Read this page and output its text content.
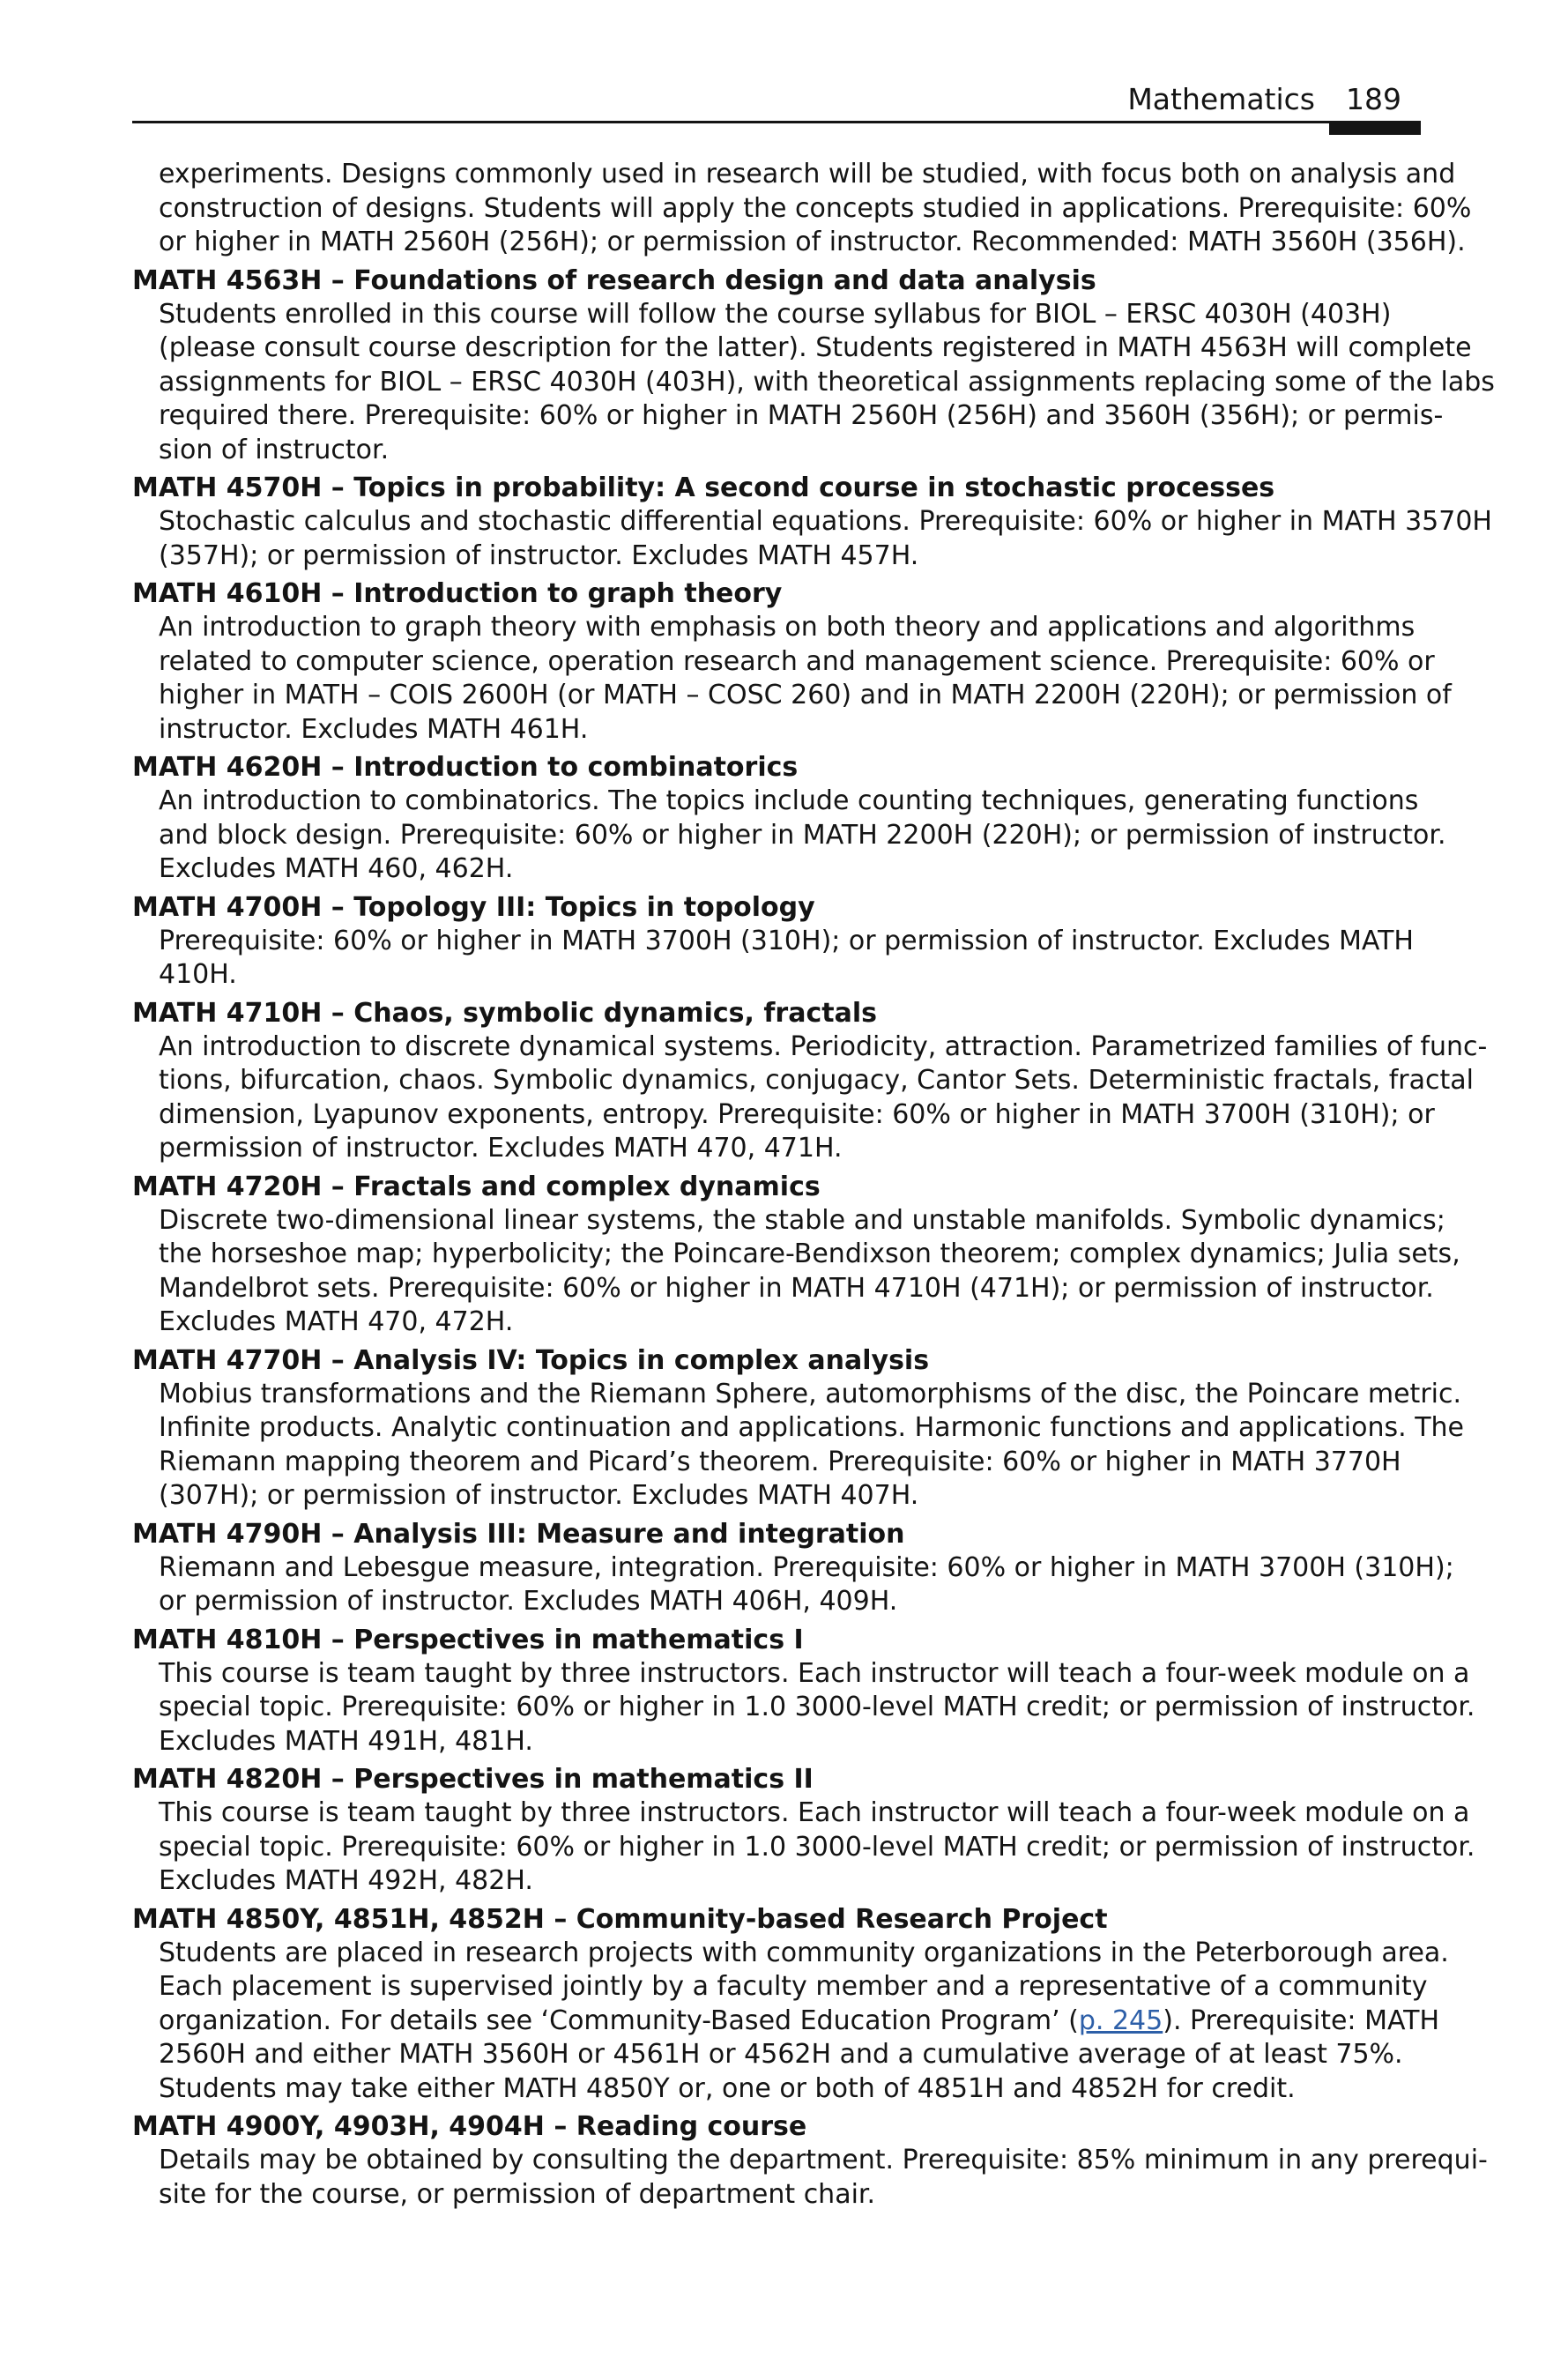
Mathematics 189
experiments. Designs commonly used in research will be studied, with focus both on analysis and
construction of designs. Students will apply the concepts studied in applications. Prerequisite: 60%
or higher in MATH 2560H (256H); or permission of instructor. Recommended: MATH 3560H (356H).
MATH 4563H – Foundations of research design and data analysis
Students enrolled in this course will follow the course syllabus for BIOL – ERSC 4030H (403H)
(please consult course description for the latter). Students registered in MATH 4563H will complete
assignments for BIOL – ERSC 4030H (403H), with theoretical assignments replacing some of the labs
required there. Prerequisite: 60% or higher in MATH 2560H (256H) and 3560H (356H); or permis-
sion of instructor.
MATH 4570H – Topics in probability: A second course in stochastic processes
Stochastic calculus and stochastic differential equations. Prerequisite: 60% or higher in MATH 3570H
(357H); or permission of instructor. Excludes MATH 457H.
MATH 4610H – Introduction to graph theory
An introduction to graph theory with emphasis on both theory and applications and algorithms
related to computer science, operation research and management science. Prerequisite: 60% or
higher in MATH – COIS 2600H (or MATH – COSC 260) and in MATH 2200H (220H); or permission of
instructor. Excludes MATH 461H.
MATH 4620H – Introduction to combinatorics
An introduction to combinatorics. The topics include counting techniques, generating functions
and block design. Prerequisite: 60% or higher in MATH 2200H (220H); or permission of instructor.
Excludes MATH 460, 462H.
MATH 4700H – Topology III: Topics in topology
Prerequisite: 60% or higher in MATH 3700H (310H); or permission of instructor. Excludes MATH
410H.
MATH 4710H – Chaos, symbolic dynamics, fractals
An introduction to discrete dynamical systems. Periodicity, attraction. Parametrized families of func-
tions, bifurcation, chaos. Symbolic dynamics, conjugacy, Cantor Sets. Deterministic fractals, fractal
dimension, Lyapunov exponents, entropy. Prerequisite: 60% or higher in MATH 3700H (310H); or
permission of instructor. Excludes MATH 470, 471H.
MATH 4720H – Fractals and complex dynamics
Discrete two-dimensional linear systems, the stable and unstable manifolds. Symbolic dynamics;
the horseshoe map; hyperbolicity; the Poincare-Bendixson theorem; complex dynamics; Julia sets,
Mandelbrot sets. Prerequisite: 60% or higher in MATH 4710H (471H); or permission of instructor.
Excludes MATH 470, 472H.
MATH 4770H – Analysis IV: Topics in complex analysis
Mobius transformations and the Riemann Sphere, automorphisms of the disc, the Poincare metric.
Infinite products. Analytic continuation and applications. Harmonic functions and applications. The
Riemann mapping theorem and Picard’s theorem. Prerequisite: 60% or higher in MATH 3770H
(307H); or permission of instructor. Excludes MATH 407H.
MATH 4790H – Analysis III: Measure and integration
Riemann and Lebesgue measure, integration. Prerequisite: 60% or higher in MATH 3700H (310H);
or permission of instructor. Excludes MATH 406H, 409H.
MATH 4810H – Perspectives in mathematics I
This course is team taught by three instructors. Each instructor will teach a four-week module on a
special topic. Prerequisite: 60% or higher in 1.0 3000-level MATH credit; or permission of instructor.
Excludes MATH 491H, 481H.
MATH 4820H – Perspectives in mathematics II
This course is team taught by three instructors. Each instructor will teach a four-week module on a
special topic. Prerequisite: 60% or higher in 1.0 3000-level MATH credit; or permission of instructor.
Excludes MATH 492H, 482H.
MATH 4850Y, 4851H, 4852H – Community-based Research Project
Students are placed in research projects with community organizations in the Peterborough area.
Each placement is supervised jointly by a faculty member and a representative of a community
organization. For details see ‘Community-Based Education Program’ (p. 245). Prerequisite: MATH
2560H and either MATH 3560H or 4561H or 4562H and a cumulative average of at least 75%.
Students may take either MATH 4850Y or, one or both of 4851H and 4852H for credit.
MATH 4900Y, 4903H, 4904H – Reading course
Details may be obtained by consulting the department. Prerequisite: 85% minimum in any prerequi-
site for the course, or permission of department chair.
